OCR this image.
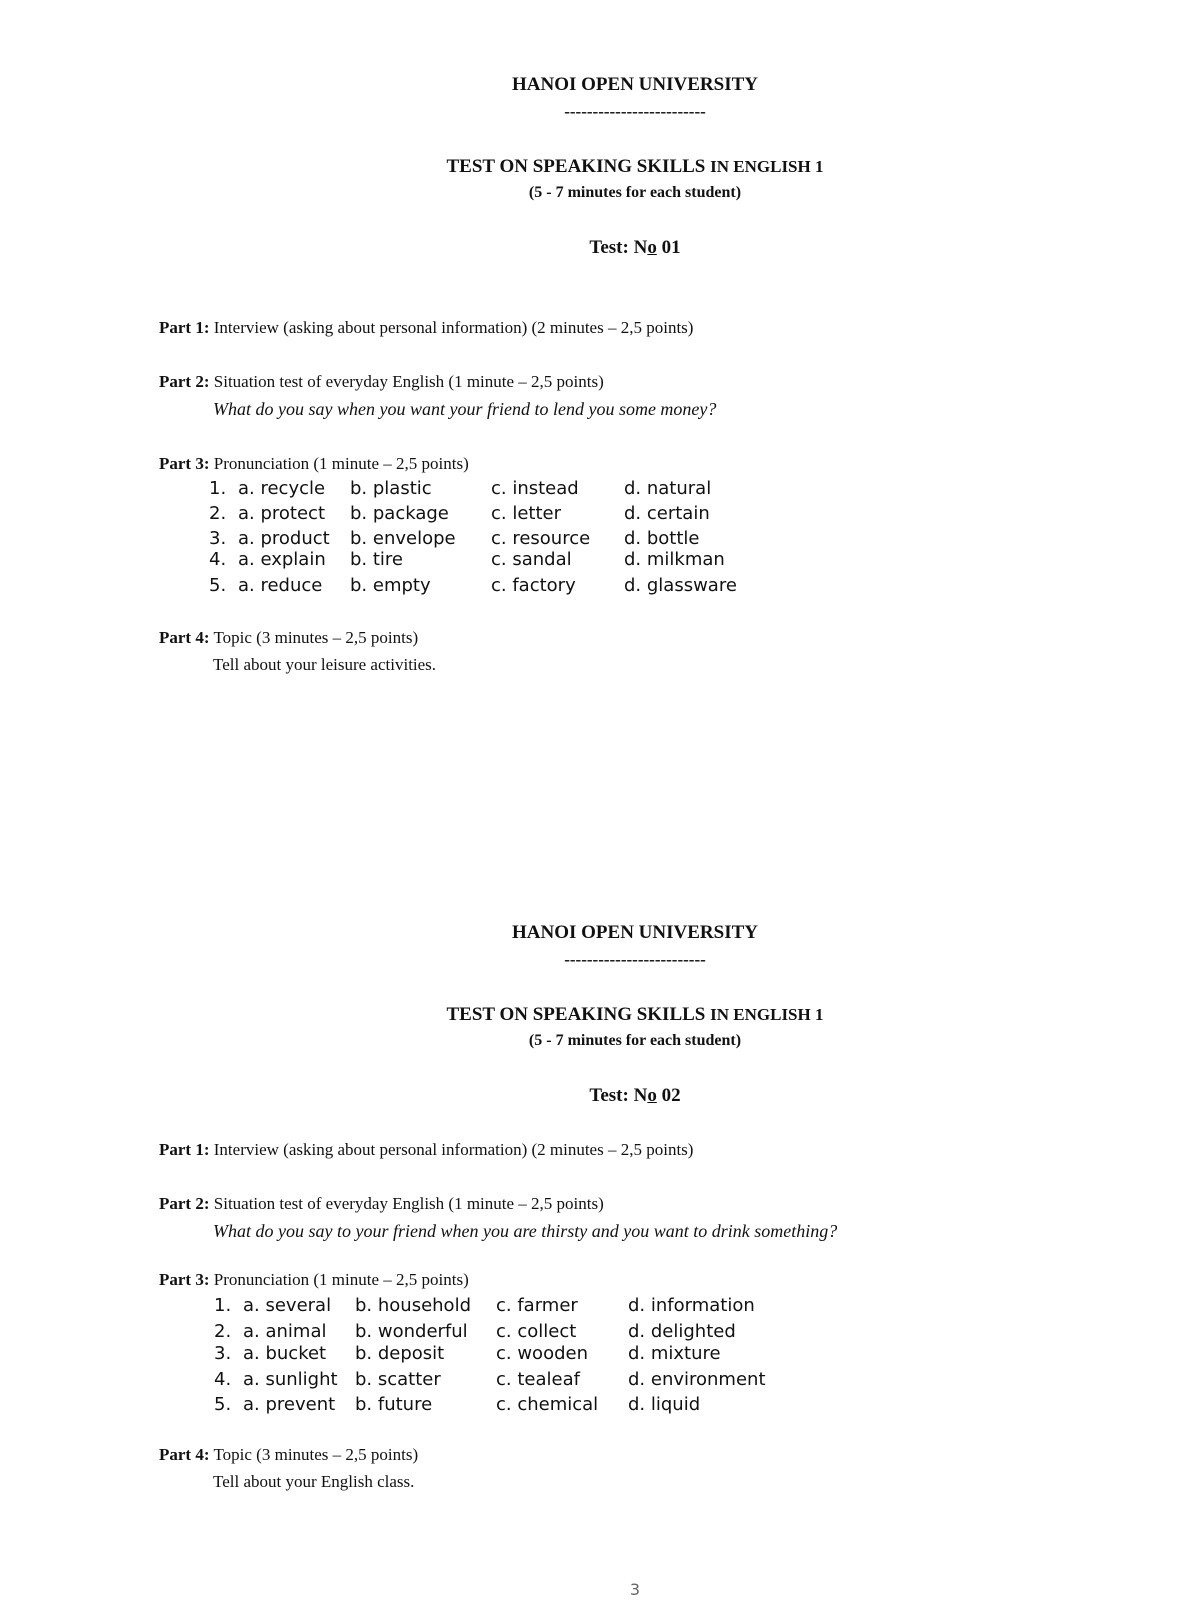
HANOI OPEN UNIVERSITY
-------------------------
TEST ON SPEAKING SKILLS IN ENGLISH 1
(5 - 7 minutes for each student)
Test: No 01
Part 1: Interview (asking about personal information) (2 minutes – 2,5 points)
Part 2: Situation test of everyday English (1 minute – 2,5 points)
What do you say when you want your friend to lend you some money?
Part 3: Pronunciation (1 minute – 2,5 points)
1. a. recycle b. plastic	c. instead	d. natural
2. a. protect b. package c. letter	d. certain
3. a. product b. envelope c. resource d. bottle
4. a. explain b. tire	c. sandal	d. milkman
5. a. reduce b. empty	c. factory	d. glassware
Part 4: Topic (3 minutes – 2,5 points)
Tell about your leisure activities.
HANOI OPEN UNIVERSITY
-------------------------
TEST ON SPEAKING SKILLS IN ENGLISH 1
(5 - 7 minutes for each student)
Test: No 02
Part 1: Interview (asking about personal information) (2 minutes – 2,5 points)
Part 2: Situation test of everyday English (1 minute – 2,5 points)
What do you say to your friend when you are thirsty and you want to drink something?
Part 3: Pronunciation (1 minute – 2,5 points)
1. a. several b. household c. farmer	d. information
2. a. animal b. wonderful c. collect	d. delighted
3. a. bucket b. deposit	c. wooden d. mixture
4. a. sunlight b. scatter	c. tealeaf	d. environment
5. a. prevent b. future	c. chemical d. liquid
Part 4: Topic (3 minutes – 2,5 points)
Tell about your English class.
3
